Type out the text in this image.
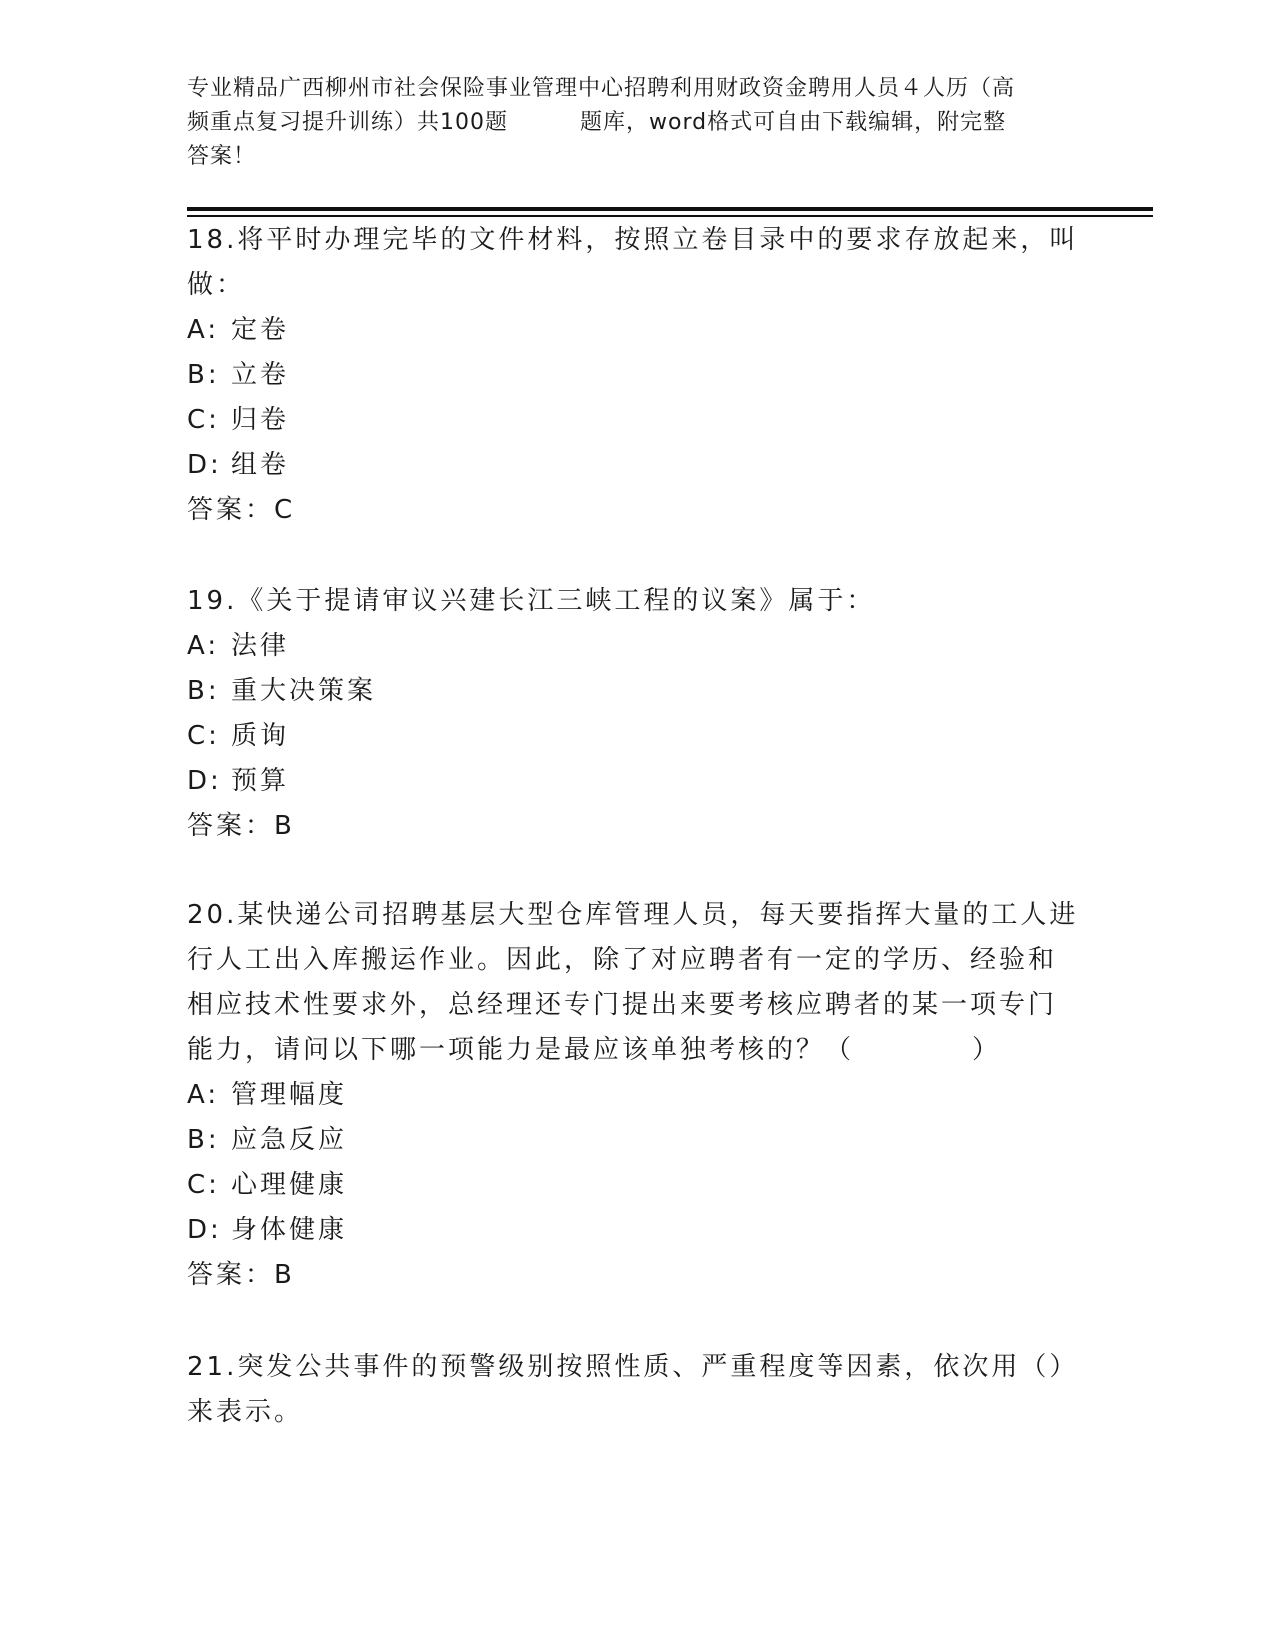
专业精品广西柳州市社会保险事业管理中心招聘利用财政资金聘用人员４人历（高
频重点复习提升训练）共100题	题库，word格式可自由下载编辑，附完整
答案！

18.将平时办理完毕的文件材料，按照立卷目录中的要求存放起来，叫

做：

A: 定卷

B: 立卷

C: 归卷

D: 组卷

答案：C

19.《关于提请审议兴建长江三峡工程的议案》属于：

A: 法律

B: 重大决策案

C: 质询

D: 预算

答案：B

20.某快递公司招聘基层大型仓库管理人员，每天要指挥大量的工人进

行人工出入库搬运作业。因此，除了对应聘者有一定的学历、经验和

相应技术性要求外，总经理还专门提出来要考核应聘者的某一项专门

能力，请问以下哪一项能力是最应该单独考核的？（	）

A: 管理幅度

B: 应急反应

C: 心理健康

D: 身体健康

答案：B

21.突发公共事件的预警级别按照性质、严重程度等因素，依次用（）

来表示。
